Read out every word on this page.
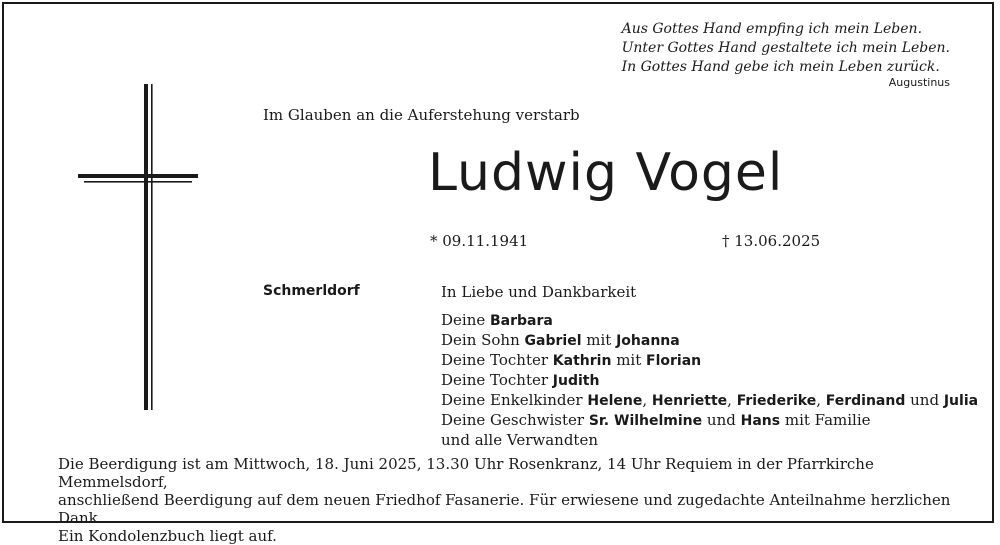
Aus Gottes Hand empfing ich mein Leben.
Unter Gottes Hand gestaltete ich mein Leben.
In Gottes Hand gebe ich mein Leben zurück.
Augustinus
Im Glauben an die Auferstehung verstarb
Ludwig Vogel
* 09.11.1941	† 13.06.2025
Schmerldorf	In Liebe und Dankbarkeit
Deine Barbara
Dein Sohn Gabriel mit Johanna
Deine Tochter Kathrin mit Florian
Deine Tochter Judith
Deine Enkelkinder Helene, Henriette, Friederike, Ferdinand und Julia
Deine Geschwister Sr. Wilhelmine und Hans mit Familie
und alle Verwandten
Die Beerdigung ist am Mittwoch, 18. Juni 2025, 13.30 Uhr Rosenkranz, 14 Uhr Requiem in der Pfarrkirche Memmelsdorf,
anschließend Beerdigung auf dem neuen Friedhof Fasanerie. Für erwiesene und zugedachte Anteilnahme herzlichen Dank.
Ein Kondolenzbuch liegt auf.
